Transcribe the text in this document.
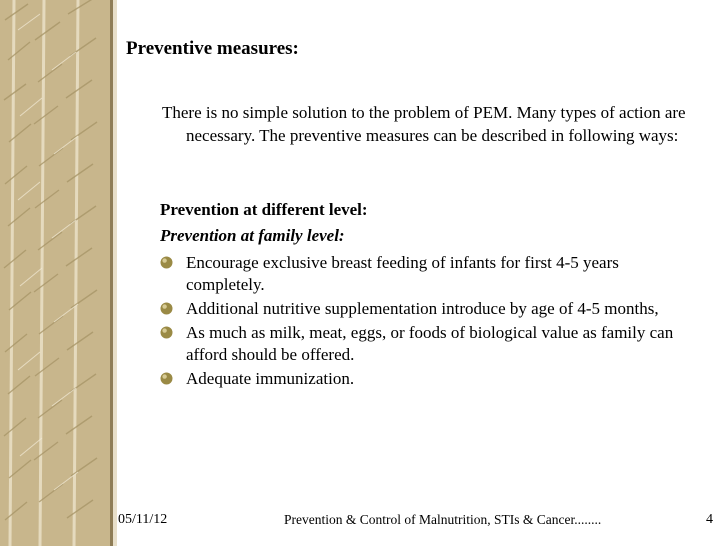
Preventive measures:
There is no simple solution to the problem of PEM. Many types of action are necessary. The preventive measures can be described in following ways:
Prevention at different level:
Prevention at family level:
Encourage exclusive breast feeding of infants for first 4-5 years completely.
Additional nutritive supplementation introduce by age of 4-5 months,
As much as milk, meat, eggs, or foods of biological value as family can afford should be offered.
Adequate immunization.
05/11/12	Prevention & Control of Malnutrition, STIs & Cancer........	4
